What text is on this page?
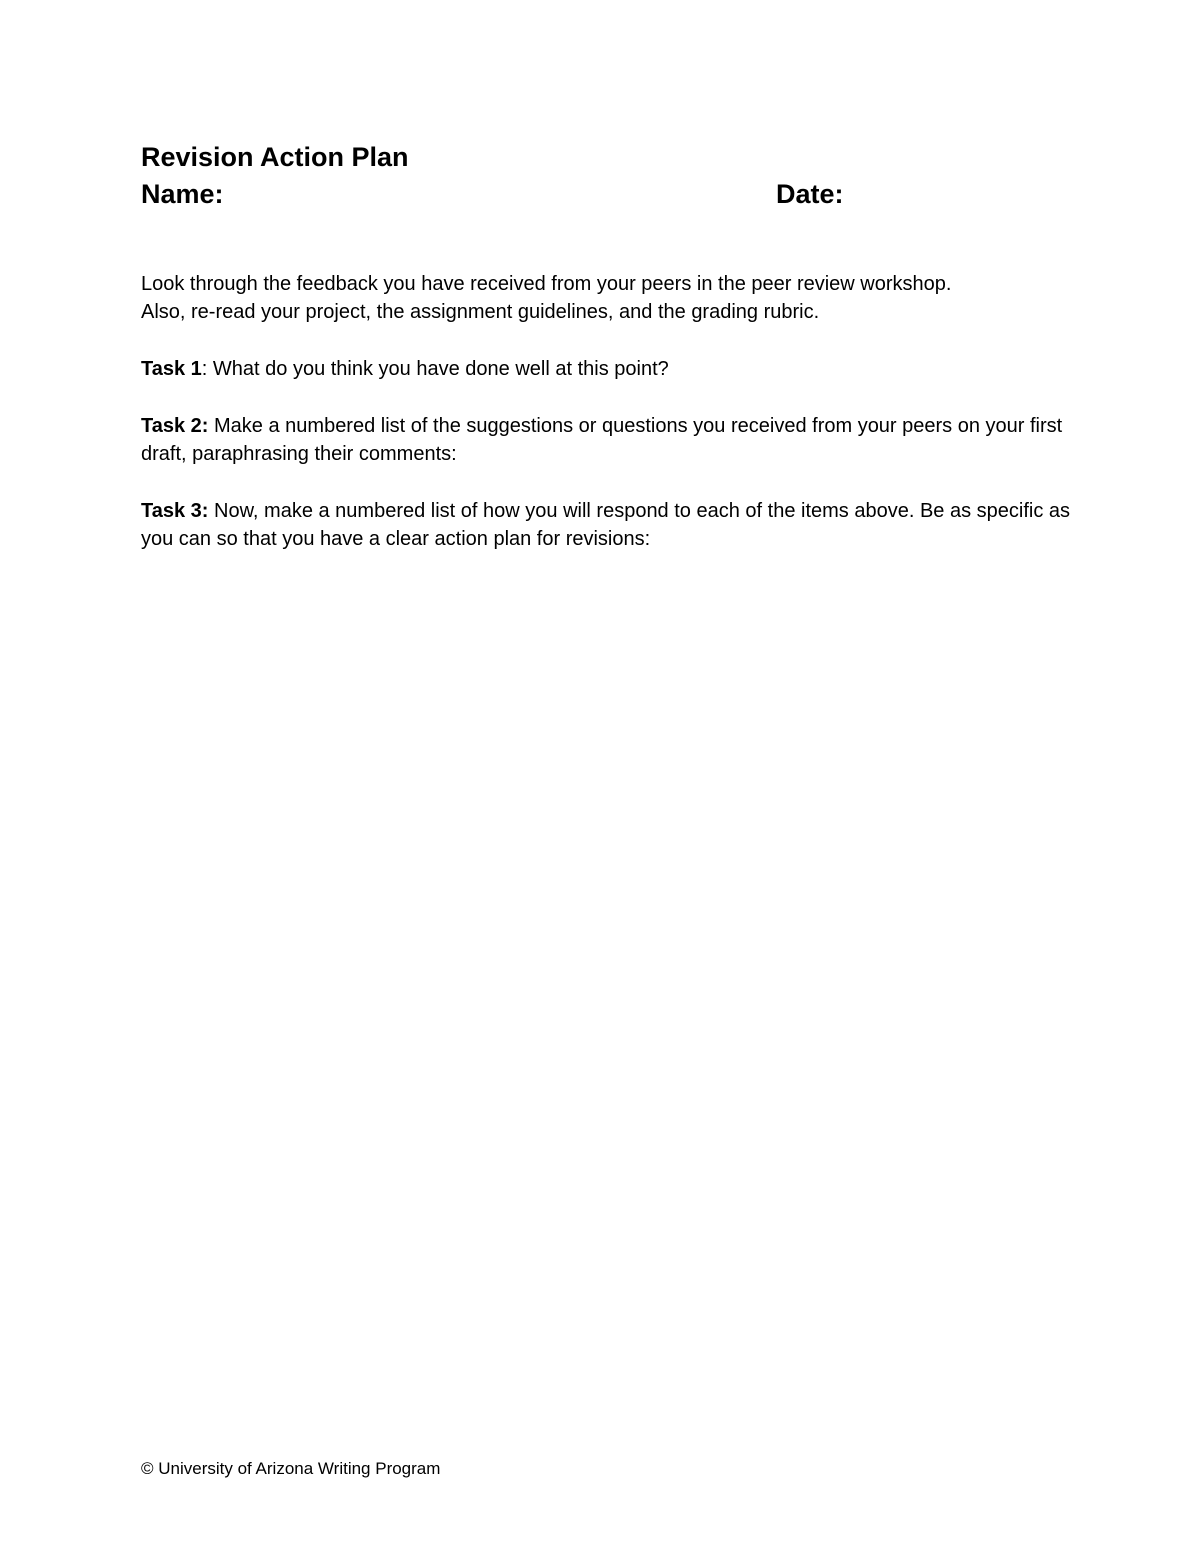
Revision Action Plan
Name:	Date:

Look through the feedback you have received from your peers in the peer review workshop.
Also, re-read your project, the assignment guidelines, and the grading rubric.

Task 1: What do you think you have done well at this point?

Task 2: Make a numbered list of the suggestions or questions you received from your peers on your first draft, paraphrasing their comments:

Task 3: Now, make a numbered list of how you will respond to each of the items above. Be as specific as you can so that you have a clear action plan for revisions:

© University of Arizona Writing Program
